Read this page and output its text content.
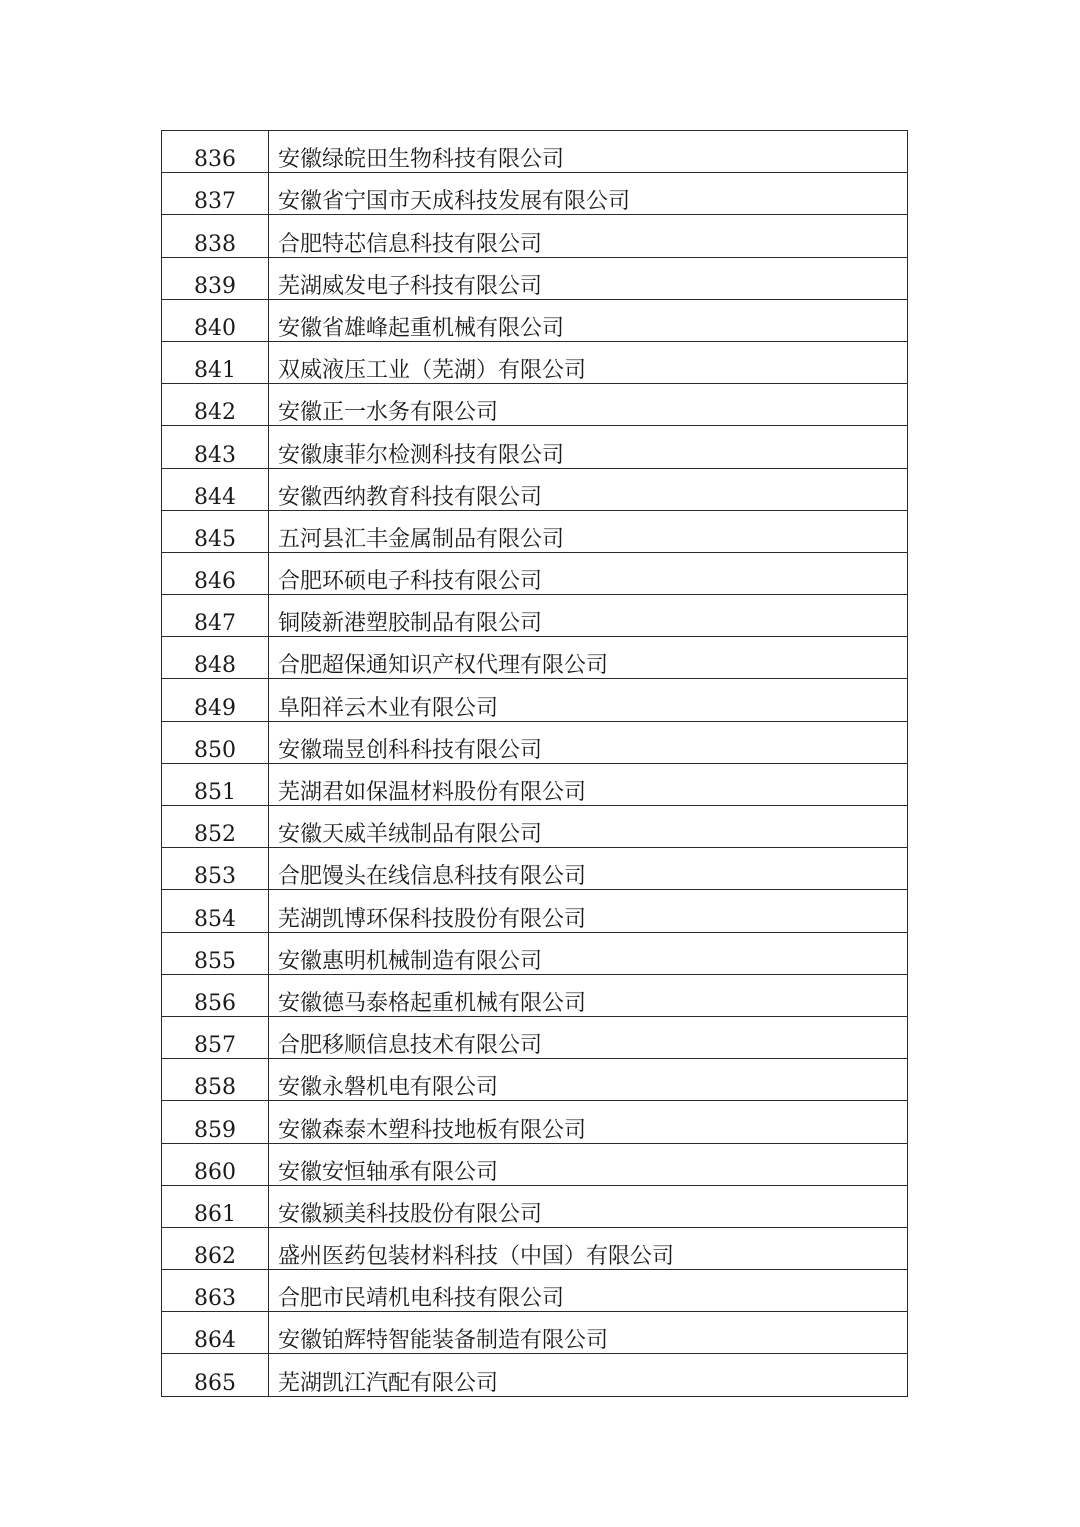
836	安徽绿皖田生物科技有限公司
837	安徽省宁国市天成科技发展有限公司
838	合肥特芯信息科技有限公司
839	芜湖威发电子科技有限公司
840	安徽省雄峰起重机械有限公司
841	双威液压工业（芜湖）有限公司
842	安徽正一水务有限公司
843	安徽康菲尔检测科技有限公司
844	安徽西纳教育科技有限公司
845	五河县汇丰金属制品有限公司
846	合肥环硕电子科技有限公司
847	铜陵新港塑胶制品有限公司
848	合肥超保通知识产权代理有限公司
849	阜阳祥云木业有限公司
850	安徽瑞昱创科科技有限公司
851	芜湖君如保温材料股份有限公司
852	安徽天威羊绒制品有限公司
853	合肥馒头在线信息科技有限公司
854	芜湖凯博环保科技股份有限公司
855	安徽惠明机械制造有限公司
856	安徽德马泰格起重机械有限公司
857	合肥移顺信息技术有限公司
858	安徽永磐机电有限公司
859	安徽森泰木塑科技地板有限公司
860	安徽安恒轴承有限公司
861	安徽颍美科技股份有限公司
862	盛州医药包装材料科技（中国）有限公司
863	合肥市民靖机电科技有限公司
864	安徽铂辉特智能装备制造有限公司
865	芜湖凯江汽配有限公司
